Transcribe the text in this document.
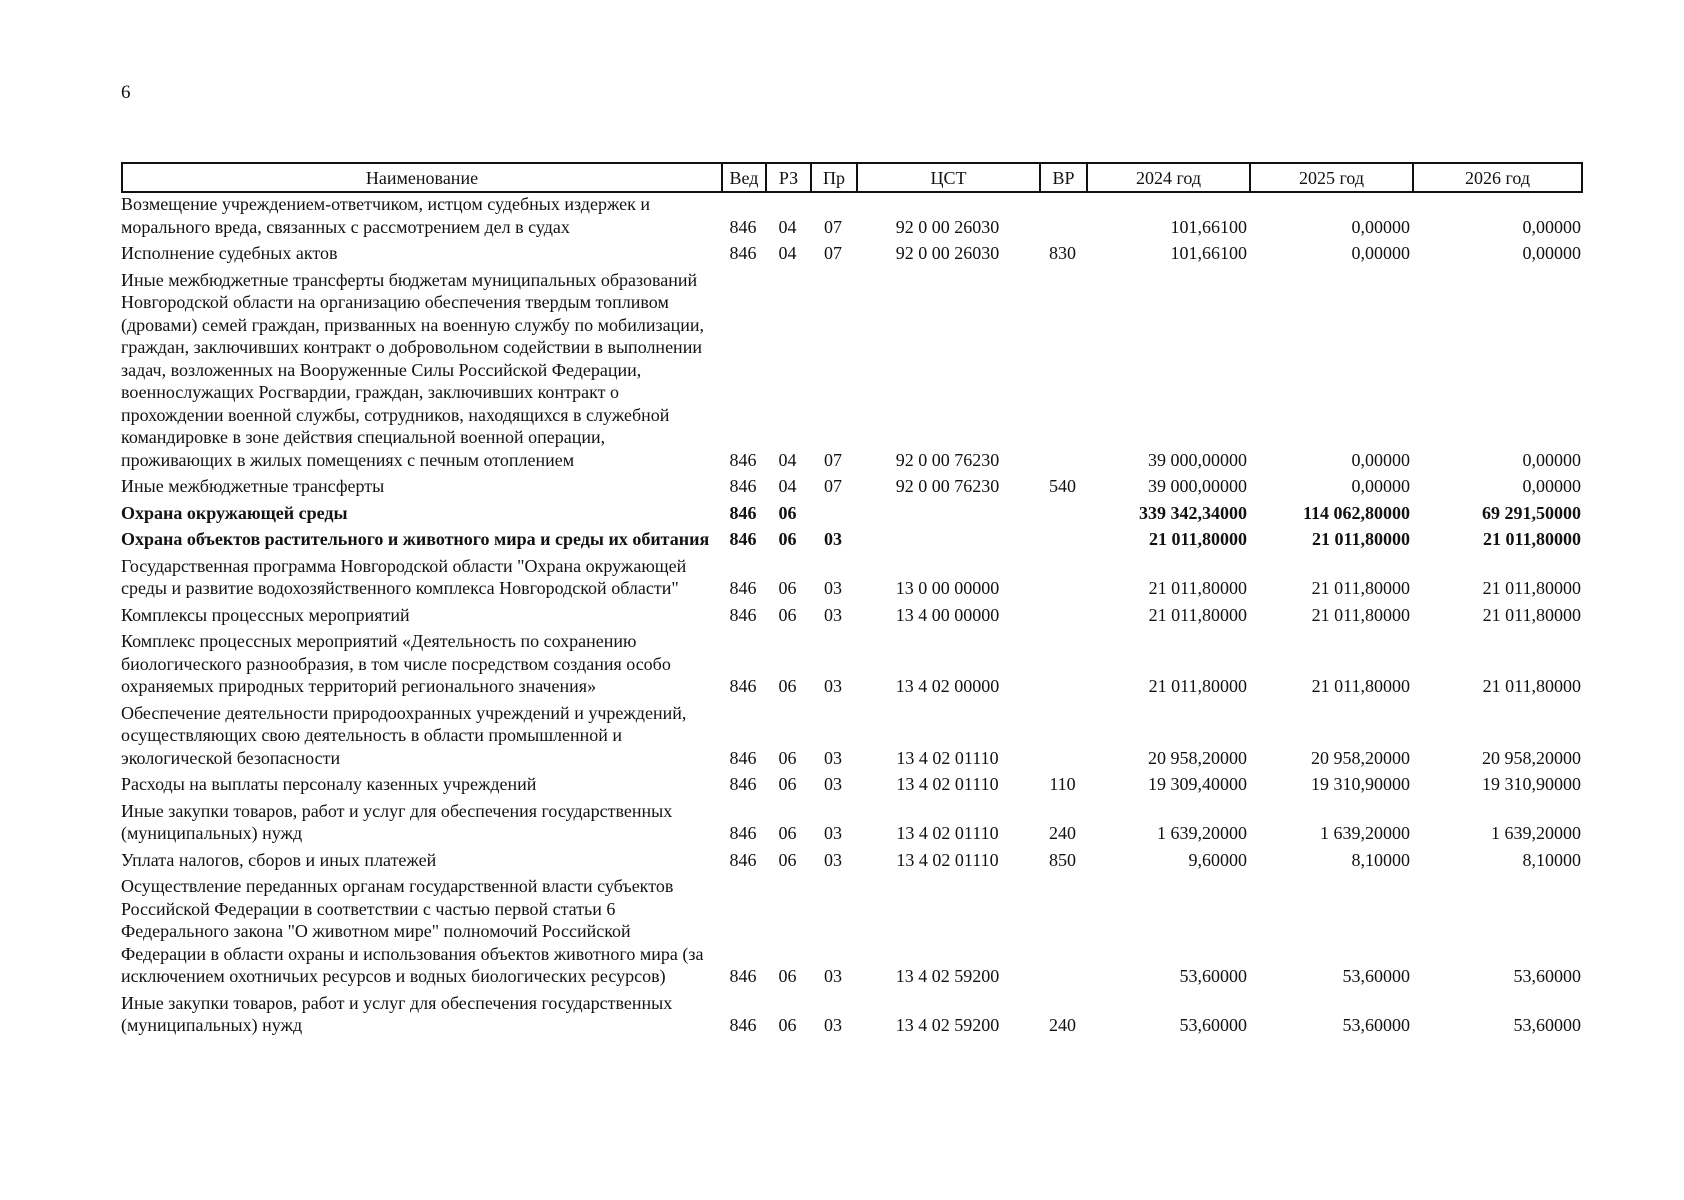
6
Наименование	Вед	РЗ	Пр	ЦСТ	ВР	2024 год	2025 год	2026 год
Возмещение учреждением-ответчиком, истцом судебных издержек и морального вреда, связанных с рассмотрением дел в судах	846	04	07	92 0 00 26030		101,66100	0,00000	0,00000
Исполнение судебных актов	846	04	07	92 0 00 26030	830	101,66100	0,00000	0,00000
Иные межбюджетные трансферты бюджетам муниципальных образований Новгородской области на организацию обеспечения твердым топливом (дровами) семей граждан, призванных на военную службу по мобилизации, граждан, заключивших контракт о добровольном содействии в выполнении задач, возложенных на Вооруженные Силы Российской Федерации, военнослужащих Росгвардии, граждан, заключивших контракт о прохождении военной службы, сотрудников, находящихся в служебной командировке в зоне действия специальной военной операции, проживающих в жилых помещениях с печным отоплением	846	04	07	92 0 00 76230		39 000,00000	0,00000	0,00000
Иные межбюджетные трансферты	846	04	07	92 0 00 76230	540	39 000,00000	0,00000	0,00000
Охрана окружающей среды	846	06				339 342,34000	114 062,80000	69 291,50000
Охрана объектов растительного и животного мира и среды их обитания	846	06	03			21 011,80000	21 011,80000	21 011,80000
Государственная программа Новгородской области "Охрана окружающей среды и развитие водохозяйственного комплекса Новгородской области"	846	06	03	13 0 00 00000		21 011,80000	21 011,80000	21 011,80000
Комплексы процессных мероприятий	846	06	03	13 4 00 00000		21 011,80000	21 011,80000	21 011,80000
Комплекс процессных мероприятий «Деятельность по сохранению биологического разнообразия, в том числе посредством создания особо охраняемых природных территорий регионального значения»	846	06	03	13 4 02 00000		21 011,80000	21 011,80000	21 011,80000
Обеспечение деятельности природоохранных учреждений и учреждений, осуществляющих свою деятельность в области промышленной и экологической безопасности	846	06	03	13 4 02 01110		20 958,20000	20 958,20000	20 958,20000
Расходы на выплаты персоналу казенных учреждений	846	06	03	13 4 02 01110	110	19 309,40000	19 310,90000	19 310,90000
Иные закупки товаров, работ и услуг для обеспечения государственных (муниципальных) нужд	846	06	03	13 4 02 01110	240	1 639,20000	1 639,20000	1 639,20000
Уплата налогов, сборов и иных платежей	846	06	03	13 4 02 01110	850	9,60000	8,10000	8,10000
Осуществление переданных органам государственной власти субъектов Российской Федерации в соответствии с частью первой статьи 6 Федерального закона "О животном мире" полномочий Российской Федерации в области охраны и использования объектов животного мира (за исключением охотничьих ресурсов и водных биологических ресурсов)	846	06	03	13 4 02 59200		53,60000	53,60000	53,60000
Иные закупки товаров, работ и услуг для обеспечения государственных (муниципальных) нужд	846	06	03	13 4 02 59200	240	53,60000	53,60000	53,60000
